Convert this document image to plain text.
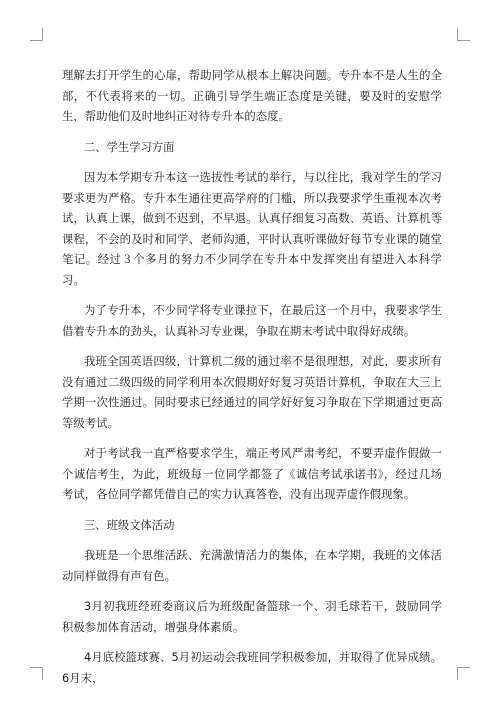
理解去打开学生的心扉，帮助同学从根本上解决问题。专升本不是人生的全部，不代表将来的一切。正确引导学生端正态度是关键，要及时的安慰学生，帮助他们及时地纠正对待专升本的态度。

二、学生学习方面

因为本学期专升本这一选拔性考试的举行，与以往比，我对学生的学习要求更为严格。专升本生通往更高学府的门槛，所以我要求学生重视本次考试，认真上课，做到不迟到，不早退。认真仔细复习高数、英语、计算机等课程，不会的及时和同学、老师沟通，平时认真听课做好每节专业课的随堂笔记。经过３个多月的努力不少同学在专升本中发挥突出有望进入本科学习。

为了专升本，不少同学将专业课拉下，在最后这一个月中，我要求学生借着专升本的劲头，认真补习专业课，争取在期末考试中取得好成绩。

我班全国英语四级，计算机二级的通过率不是很理想，对此，要求所有没有通过二级四级的同学利用本次假期好好复习英语计算机，争取在大三上学期一次性通过。同时要求已经通过的同学好好复习争取在下学期通过更高等级考试。

对于考试我一直严格要求学生，端正考风严肃考纪，不要弄虚作假做一个诚信考生，为此，班级每一位同学都签了《诚信考试承诺书》，经过几场考试，各位同学都凭借自己的实力认真答卷，没有出现弄虚作假现象。

三、班级文体活动

我班是一个思维活跃、充满激情活力的集体，在本学期，我班的文体活动同样做得有声有色。

3月初我班经班委商议后为班级配备篮球一个、羽毛球若干，鼓励同学积极参加体育活动，增强身体素质。

4月底校篮球赛、5月初运动会我班同学积极参加，并取得了优异成绩。6月末，
